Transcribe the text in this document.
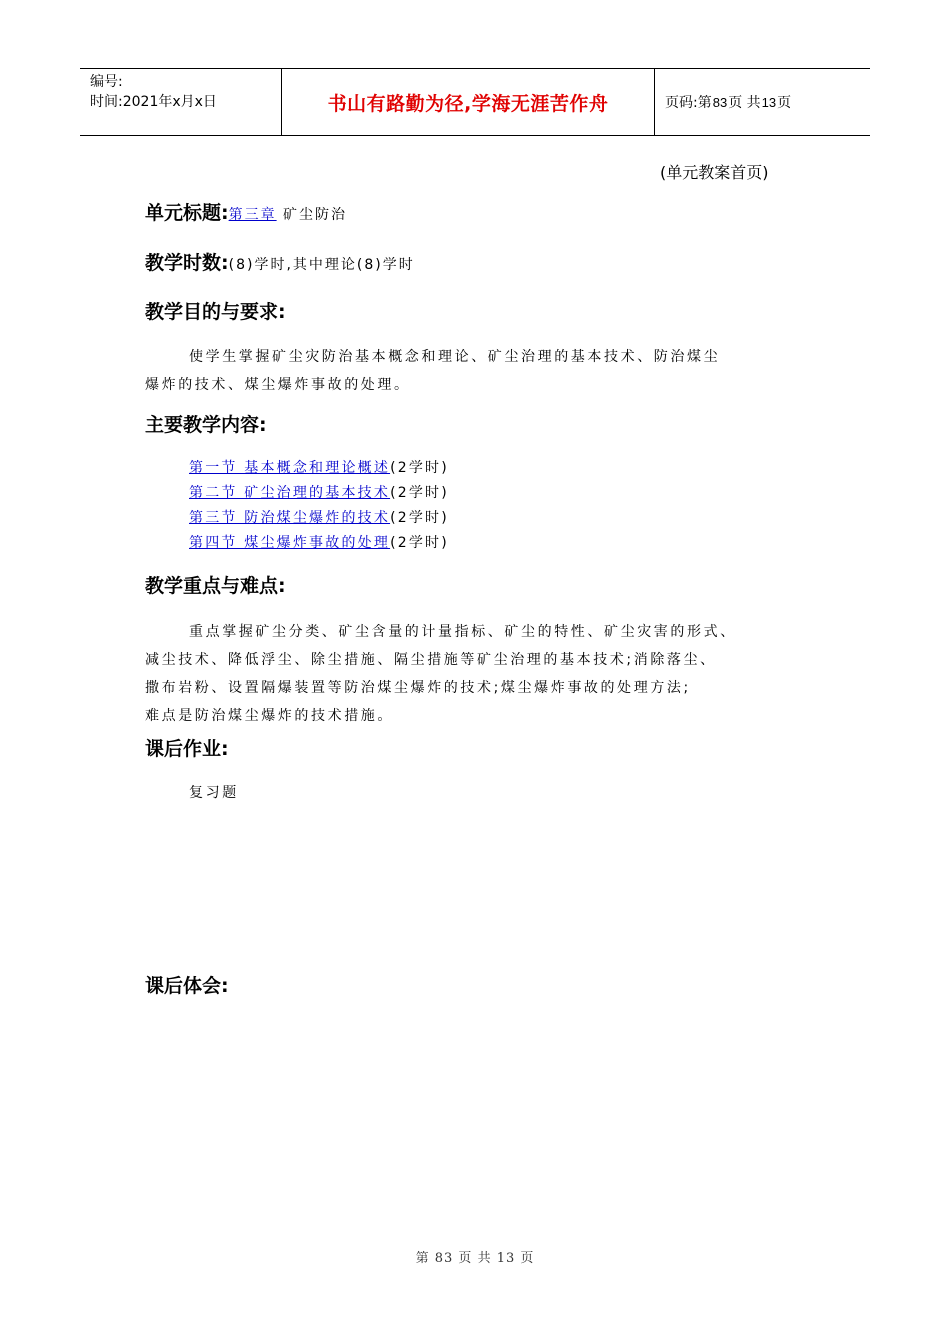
编号:
时间:2021年x月x日	书山有路勤为径,学海无涯苦作舟	页码:第 83 页 共 13 页
(单元教案首页)
单元标题:第三章 矿尘防治
教学时数:(8)学时,其中理论(8)学时
教学目的与要求:
使学生掌握矿尘灾防治基本概念和理论、矿尘治理的基本技术、防治煤尘
爆炸的技术、煤尘爆炸事故的处理。
主要教学内容:
第一节 基本概念和理论概述(2学时)
第二节 矿尘治理的基本技术(2学时)
第三节 防治煤尘爆炸的技术(2学时)
第四节 煤尘爆炸事故的处理(2学时)
教学重点与难点:
重点掌握矿尘分类、矿尘含量的计量指标、矿尘的特性、矿尘灾害的形式、
减尘技术、降低浮尘、除尘措施、隔尘措施等矿尘治理的基本技术;消除落尘、
撒布岩粉、设置隔爆装置等防治煤尘爆炸的技术;煤尘爆炸事故的处理方法;
难点是防治煤尘爆炸的技术措施。
课后作业:
复习题
课后体会:
第 83 页 共 13 页
